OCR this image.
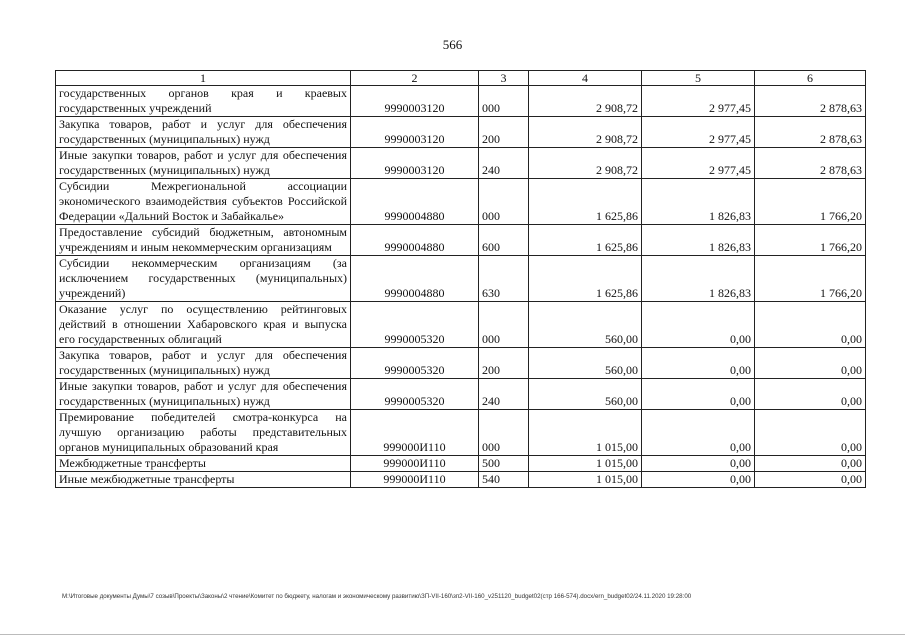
566
1	2	3	4	5	6
государственных органов края и краевых государственных учреждений	9990003120	000	2 908,72	2 977,45	2 878,63
Закупка товаров, работ и услуг для обеспечения государственных (муниципальных) нужд	9990003120	200	2 908,72	2 977,45	2 878,63
Иные закупки товаров, работ и услуг для обеспечения государственных (муниципальных) нужд	9990003120	240	2 908,72	2 977,45	2 878,63
Субсидии Межрегиональной ассоциации экономического взаимодействия субъектов Российской Федерации «Дальний Восток и Забайкалье»	9990004880	000	1 625,86	1 826,83	1 766,20
Предоставление субсидий бюджетным, автономным учреждениям и иным некоммерческим организациям	9990004880	600	1 625,86	1 826,83	1 766,20
Субсидии некоммерческим организациям (за исключением государственных (муниципальных) учреждений)	9990004880	630	1 625,86	1 826,83	1 766,20
Оказание услуг по осуществлению рейтинговых действий в отношении Хабаровского края и выпуска его государственных облигаций	9990005320	000	560,00	0,00	0,00
Закупка товаров, работ и услуг для обеспечения государственных (муниципальных) нужд	9990005320	200	560,00	0,00	0,00
Иные закупки товаров, работ и услуг для обеспечения государственных (муниципальных) нужд	9990005320	240	560,00	0,00	0,00
Премирование победителей смотра-конкурса на лучшую организацию работы представительных органов муниципальных образований края	999000И110	000	1 015,00	0,00	0,00
Межбюджетные трансферты	999000И110	500	1 015,00	0,00	0,00
Иные межбюджетные трансферты	999000И110	540	1 015,00	0,00	0,00
М:\Итоговые документы Думы\7 созыв\Проекты\Законы\2 чтение\Комитет по бюджету, налогам и экономическому развитию\ЗП-VII-160\зп2-VII-160_v251120_budget02(стр 166-574).docx/ern_budget02/24.11.2020 19:28:00
